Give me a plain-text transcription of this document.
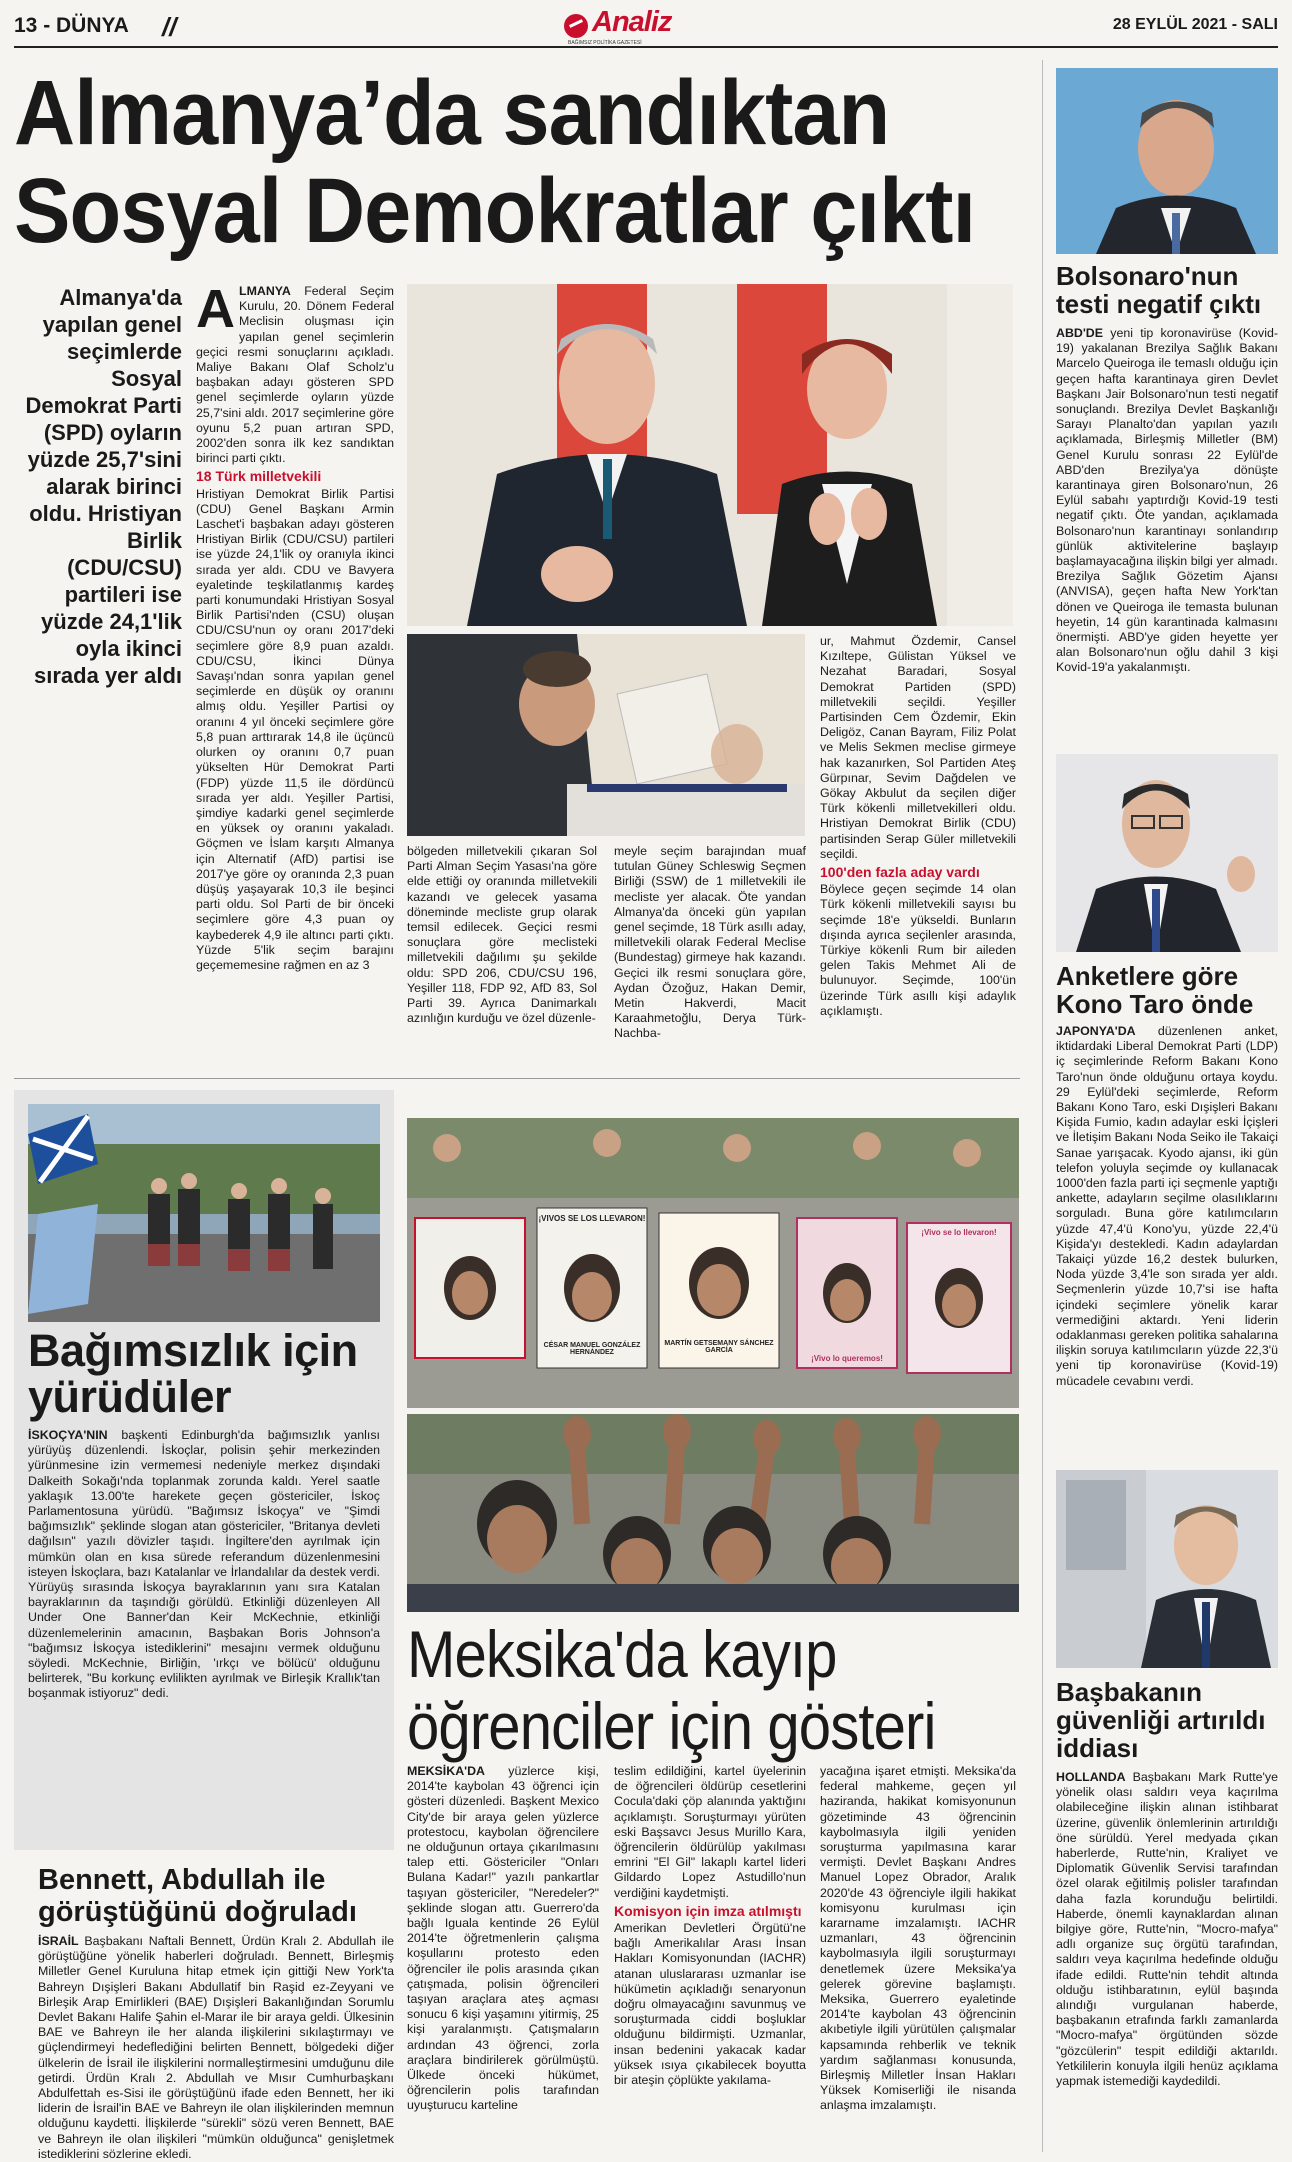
13 - DÜNYA //	Analiz
BAĞIMSIZ POLİTİKA GAZETESİ
28 EYLÜL 2021 - SALI
Almanya’da sandıktan
Sosyal Demokratlar çıktı
Almanya'da yapılan genel seçimlerde Sosyal Demokrat Parti (SPD) oyların yüzde 25,7'sini alarak birinci oldu. Hristiyan Birlik (CDU/CSU) partileri ise yüzde 24,1'lik oyla ikinci sırada yer aldı

ALMANYA Federal Seçim Kurulu, 20. Dönem Federal Meclisin oluşması için yapılan genel seçimlerin geçici resmi sonuçlarını açıkladı. Maliye Bakanı Olaf Scholz'u başbakan adayı gösteren SPD genel seçimlerde oyların yüzde 25,7'sini aldı. 2017 seçimlerine göre oyunu 5,2 puan artıran SPD, 2002'den sonra ilk kez sandıktan birinci parti çıktı.

18 Türk milletvekili

Hristiyan Demokrat Birlik Partisi (CDU) Genel Başkanı Armin Laschet'i başbakan adayı gösteren Hristiyan Birlik (CDU/CSU) partileri ise yüzde 24,1'lik oy oranıyla ikinci sırada yer aldı. CDU ve Bavyera eyaletinde teşkilatlanmış kardeş parti konumundaki Hristiyan Sosyal Birlik Partisi'nden (CSU) oluşan CDU/CSU'nun oy oranı 2017'deki seçimlere göre 8,9 puan azaldı. CDU/CSU, İkinci Dünya Savaşı'ndan sonra yapılan genel seçimlerde en düşük oy oranını almış oldu. Yeşiller Partisi oy oranını 4 yıl önceki seçimlere göre 5,8 puan arttırarak 14,8 ile üçüncü olurken oy oranını 0,7 puan yükselten Hür Demokrat Parti (FDP) yüzde 11,5 ile dördüncü sırada yer aldı. Yeşiller Partisi, şimdiye kadarki genel seçimlerde en yüksek oy oranını yakaladı. Göçmen ve İslam karşıtı Almanya için Alternatif (AfD) partisi ise 2017'ye göre oy oranında 2,3 puan düşüş yaşayarak 10,3 ile beşinci parti oldu. Sol Parti de bir önceki seçimlere göre 4,3 puan oy kaybederek 4,9 ile altıncı parti çıktı. Yüzde 5'lik seçim barajını geçememesine rağmen en az 3

bölgeden milletvekili çıkaran Sol Parti Alman Seçim Yasası'na göre elde ettiği oy oranında milletvekili kazandı ve gelecek yasama döneminde mecliste grup olarak temsil edilecek. Geçici resmi sonuçlara göre meclisteki milletvekili dağılımı şu şekilde oldu: SPD 206, CDU/CSU 196, Yeşiller 118, FDP 92, AfD 83, Sol Parti 39. Ayrıca Danimarkalı azınlığın kurduğu ve özel düzenle-
meyle seçim barajından muaf tutulan Güney Schleswig Seçmen Birliği (SSW) de 1 milletvekili ile mecliste yer alacak. Öte yandan Almanya'da önceki gün yapılan genel seçimde, 18 Türk asıllı aday, milletvekili olarak Federal Meclise (Bundestag) girmeye hak kazandı. Geçici ilk resmi sonuçlara göre, Aydan Özoğuz, Hakan Demir, Metin Hakverdi, Macit Karaahmetoğlu, Derya Türk-Nachba-

ur, Mahmut Özdemir, Cansel Kızıltepe, Gülistan Yüksel ve Nezahat Baradari, Sosyal Demokrat Partiden (SPD) milletvekili seçildi. Yeşiller Partisinden Cem Özdemir, Ekin Deligöz, Canan Bayram, Filiz Polat ve Melis Sekmen meclise girmeye hak kazanırken, Sol Partiden Ateş Gürpınar, Sevim Dağdelen ve Gökay Akbulut da seçilen diğer Türk kökenli milletvekilleri oldu. Hristiyan Demokrat Birlik (CDU) partisinden Serap Güler milletvekili seçildi.

100'den fazla aday vardı

Böylece geçen seçimde 14 olan Türk kökenli milletvekili sayısı bu seçimde 18'e yükseldi. Bunların dışında ayrıca seçilenler arasında, Türkiye kökenli Rum bir aileden gelen Takis Mehmet Ali de bulunuyor. Seçimde, 100'ün üzerinde Türk asıllı kişi adaylık açıklamıştı.

Bağımsızlık için yürüdüler
İSKOÇYA'NIN başkenti Edinburgh'da bağımsızlık yanlısı yürüyüş düzenlendi. İskoçlar, polisin şehir merkezinden yürünmesine izin vermemesi nedeniyle merkez dışındaki Dalkeith Sokağı'nda toplanmak zorunda kaldı. Yerel saatle yaklaşık 13.00'te harekete geçen göstericiler, İskoç Parlamentosuna yürüdü. "Bağımsız İskoçya" ve "Şimdi bağımsızlık" şeklinde slogan atan göstericiler, "Britanya devleti dağılsın" yazılı dövizler taşıdı. İngiltere'den ayrılmak için mümkün olan en kısa sürede referandum düzenlenmesini isteyen İskoçlara, bazı Katalanlar ve İrlandalılar da destek verdi. Yürüyüş sırasında İskoçya bayraklarının yanı sıra Katalan bayraklarının da taşındığı görüldü. Etkinliği düzenleyen All Under One Banner'dan Keir McKechnie, etkinliği düzenlemelerinin amacının, Başbakan Boris Johnson'a "bağımsız İskoçya istediklerini" mesajını vermek olduğunu söyledi. McKechnie, Birliğin, 'ırkçı ve bölücü' olduğunu belirterek, "Bu korkunç evlilikten ayrılmak ve Birleşik Krallık'tan boşanmak istiyoruz" dedi.
Bennett, Abdullah ile
görüştüğünü doğruladı
İSRAİL Başbakanı Naftali Bennett, Ürdün Kralı 2. Abdullah ile görüştüğüne yönelik haberleri doğruladı. Bennett, Birleşmiş Milletler Genel Kuruluna hitap etmek için gittiği New York'ta Bahreyn Dışişleri Bakanı Abdullatif bin Raşid ez-Zeyyani ve Birleşik Arap Emirlikleri (BAE) Dışişleri Bakanlığından Sorumlu Devlet Bakanı Halife Şahin el-Marar ile bir araya geldi. Ülkesinin BAE ve Bahreyn ile her alanda ilişkilerini sıkılaştırmayı ve güçlendirmeyi hedeflediğini belirten Bennett, bölgedeki diğer ülkelerin de İsrail ile ilişkilerini normalleştirmesini umduğunu dile getirdi. Ürdün Kralı 2. Abdullah ve Mısır Cumhurbaşkanı Abdulfettah es-Sisi ile görüştüğünü ifade eden Bennett, her iki liderin de İsrail'in BAE ve Bahreyn ile olan ilişkilerinden memnun olduğunu kaydetti. İlişkilerde "sürekli" sözü veren Bennett, BAE ve Bahreyn ile olan ilişkileri "mümkün olduğunca" genişletmek istediklerini sözlerine ekledi.
¡VIVOS SE LOS LLEVARON!
CÉSAR MANUEL GONZÁLEZ HERNÁNDEZ
MARTÍN GETSEMANY SÁNCHEZ GARCÍA
¡Vivo se lo llevaron!
¡Vivo lo queremos!
Meksika'da kayıp
öğrenciler için gösteri
MEKSİKA'DA yüzlerce kişi, 2014'te kaybolan 43 öğrenci için gösteri düzenledi. Başkent Mexico City'de bir araya gelen yüzlerce protestocu, kaybolan öğrencilere ne olduğunun ortaya çıkarılmasını talep etti. Göstericiler "Onları Bulana Kadar!" yazılı pankartlar taşıyan göstericiler, "Neredeler?" şeklinde slogan attı. Guerrero'da bağlı Iguala kentinde 26 Eylül 2014'te öğretmenlerin çalışma koşullarını protesto eden öğrenciler ile polis arasında çıkan çatışmada, polisin öğrencileri taşıyan araçlara ateş açması sonucu 6 kişi yaşamını yitirmiş, 25 kişi yaralanmıştı. Çatışmaların ardından 43 öğrenci, zorla araçlara bindirilerek görülmüştü. Ülkede önceki hükümet, öğrencilerin polis tarafından uyuşturucu karteline

teslim edildiğini, kartel üyelerinin de öğrencileri öldürüp cesetlerini Cocula'daki çöp alanında yaktığını açıklamıştı. Soruşturmayı yürüten eski Başsavcı Jesus Murillo Kara, öğrencilerin öldürülüp yakılması emrini "El Gil" lakaplı kartel lideri Gildardo Lopez Astudillo'nun verdiğini kaydetmişti.

Komisyon için imza atılmıştı

Amerikan Devletleri Örgütü'ne bağlı Amerikalılar Arası İnsan Hakları Komisyonundan (IACHR) atanan uluslararası uzmanlar ise hükümetin açıkladığı senaryonun doğru olmayacağını savunmuş ve soruşturmada ciddi boşluklar olduğunu bildirmişti. Uzmanlar, insan bedenini yakacak kadar yüksek ısıya çıkabilecek boyutta bir ateşin çöplükte yakılama-

yacağına işaret etmişti. Meksika'da federal mahkeme, geçen yıl haziranda, hakikat komisyonunun gözetiminde 43 öğrencinin kaybolmasıyla ilgili yeniden soruşturma yapılmasına karar vermişti. Devlet Başkanı Andres Manuel Lopez Obrador, Aralık 2020'de 43 öğrenciyle ilgili hakikat komisyonu kurulması için kararname imzalamıştı. IACHR uzmanları, 43 öğrencinin kaybolmasıyla ilgili soruşturmayı denetlemek üzere Meksika'ya gelerek görevine başlamıştı. Meksika, Guerrero eyaletinde 2014'te kaybolan 43 öğrencinin akıbetiyle ilgili yürütülen çalışmalar kapsamında rehberlik ve teknik yardım sağlanması konusunda, Birleşmiş Milletler İnsan Hakları Yüksek Komiserliği ile nisanda anlaşma imzalamıştı.
Bolsonaro'nun testi negatif çıktı
ABD'DE yeni tip koronavirüse (Kovid-19) yakalanan Brezilya Sağlık Bakanı Marcelo Queiroga ile temaslı olduğu için geçen hafta karantinaya giren Devlet Başkanı Jair Bolsonaro'nun testi negatif sonuçlandı. Brezilya Devlet Başkanlığı Sarayı Planalto'dan yapılan yazılı açıklamada, Birleşmiş Milletler (BM) Genel Kurulu sonrası 22 Eylül'de ABD'den Brezilya'ya dönüşte karantinaya giren Bolsonaro'nun, 26 Eylül sabahı yaptırdığı Kovid-19 testi negatif çıktı. Öte yandan, açıklamada Bolsonaro'nun karantinayı sonlandırıp günlük aktivitelerine başlayıp başlamayacağına ilişkin bilgi yer almadı. Brezilya Sağlık Gözetim Ajansı (ANVISA), geçen hafta New York'tan dönen ve Queiroga ile temasta bulunan heyetin, 14 gün karantinada kalmasını önermişti. ABD'ye giden heyette yer alan Bolsonaro'nun oğlu dahil 3 kişi Kovid-19'a yakalanmıştı.
Anketlere göre Kono Taro önde
JAPONYA'DA düzenlenen anket, iktidardaki Liberal Demokrat Parti (LDP) iç seçimlerinde Reform Bakanı Kono Taro'nun önde olduğunu ortaya koydu. 29 Eylül'deki seçimlerde, Reform Bakanı Kono Taro, eski Dışişleri Bakanı Kişida Fumio, kadın adaylar eski İçişleri ve İletişim Bakanı Noda Seiko ile Takaiçi Sanae yarışacak. Kyodo ajansı, iki gün telefon yoluyla seçimde oy kullanacak 1000'den fazla parti içi seçmenle yaptığı ankette, adayların seçilme olasılıklarını sorguladı. Buna göre katılımcıların yüzde 47,4'ü Kono'yu, yüzde 22,4'ü Kişida'yı destekledi. Kadın adaylardan Takaiçi yüzde 16,2 destek bulurken, Noda yüzde 3,4'le son sırada yer aldı. Seçmenlerin yüzde 10,7'si ise hafta içindeki seçimlere yönelik karar vermediğini aktardı. Yeni liderin odaklanması gereken politika sahalarına ilişkin soruya katılımcıların yüzde 22,3'ü yeni tip koronavirüse (Kovid-19) mücadele cevabını verdi.
Başbakanın güvenliği artırıldı iddiası
HOLLANDA Başbakanı Mark Rutte'ye yönelik olası saldırı veya kaçırılma olabileceğine ilişkin alınan istihbarat üzerine, güvenlik önlemlerinin artırıldığı öne sürüldü. Yerel medyada çıkan haberlerde, Rutte'nin, Kraliyet ve Diplomatik Güvenlik Servisi tarafından özel olarak eğitilmiş polisler tarafından daha fazla korunduğu belirtildi. Haberde, önemli kaynaklardan alınan bilgiye göre, Rutte'nin, "Mocro-mafya" adlı organize suç örgütü tarafından, saldırı veya kaçırılma hedefinde olduğu ifade edildi. Rutte'nin tehdit altında olduğu istihbaratının, eylül başında alındığı vurgulanan haberde, başbakanın etrafında farklı zamanlarda "Mocro-mafya" örgütünden sözde "gözcülerin" tespit edildiği aktarıldı. Yetkililerin konuyla ilgili henüz açıklama yapmak istemediği kaydedildi.
